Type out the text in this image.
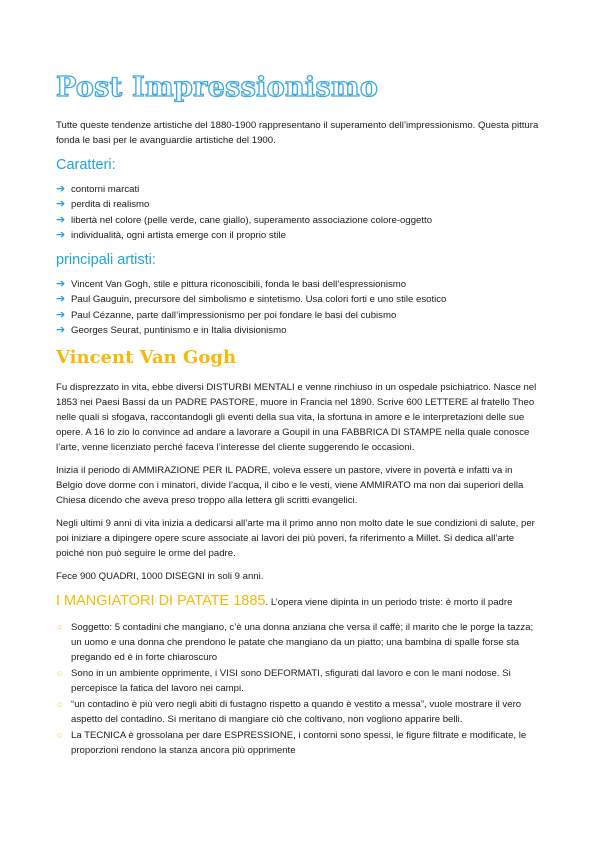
Post Impressionismo

Tutte queste tendenze artistiche del 1880-1900 rappresentano il superamento dell’impressionismo. Questa pittura fonda le basi per le avanguardie artistiche del 1900.

Caratteri:
➔ contorni marcati
➔ perdita di realismo
➔ libertà nel colore (pelle verde, cane giallo), superamento associazione colore-oggetto
➔ individualità, ogni artista emerge con il proprio stile
principali artisti:
➔ Vincent Van Gogh, stile e pittura riconoscibili, fonda le basi dell’espressionismo
➔ Paul Gauguin, precursore del simbolismo e sintetismo. Usa colori forti e uno stile esotico
➔ Paul Cézanne, parte dall’impressionismo per poi fondare le basi del cubismo
➔ Georges Seurat, puntinismo e in Italia divisionismo
Vincent Van Gogh

Fu disprezzato in vita, ebbe diversi DISTURBI MENTALI e venne rinchiuso in un ospedale psichiatrico. Nasce nel 1853 nei Paesi Bassi da un PADRE PASTORE, muore in Francia nel 1890. Scrive 600 LETTERE al fratello Theo nelle quali si sfogava, raccontandogli gli eventi della sua vita, la sfortuna in amore e le interpretazioni delle sue opere. A 16 lo zio lo convince ad andare a lavorare a Goupil in una FABBRICA DI STAMPE nella quale conosce l’arte, venne licenziato perché faceva l’interesse del cliente suggerendo le occasioni.

Inizia il periodo di AMMIRAZIONE PER IL PADRE, voleva essere un pastore, vivere in povertà e infatti va in Belgio dove dorme con i minatori, divide l’acqua, il cibo e le vesti, viene AMMIRATO ma non dai superiori della Chiesa dicendo che aveva preso troppo alla lettera gli scritti evangelici.

Negli ultimi 9 anni di vita inizia a dedicarsi all’arte ma il primo anno non molto date le sue condizioni di salute, per poi iniziare a dipingere opere scure associate ai lavori dei più poveri, fa riferimento a Millet. Si dedica all’arte poiché non può seguire le orme del padre.

Fece 900 QUADRI, 1000 DISEGNI in soli 9 anni.

I MANGIATORI DI PATATE 1885. L’opera viene dipinta in un periodo triste: è morto il padre
○ Soggetto: 5 contadini che mangiano, c’è una donna anziana che versa il caffè; il marito che le porge la tazza; un uomo e una donna che prendono le patate che mangiano da un piatto; una bambina di spalle forse sta pregando ed è in forte chiaroscuro
○ Sono in un ambiente opprimente, i VISI sono DEFORMATI, sfigurati dal lavoro e con le mani nodose. Si percepisce la fatica del lavoro nei campi.
○ “un contadino è più vero negli abiti di fustagno rispetto a quando è vestito a messa”, vuole mostrare il vero aspetto del contadino. Si meritano di mangiare ciò che coltivano, non vogliono apparire belli.
○ La TECNICA è grossolana per dare ESPRESSIONE, i contorni sono spessi, le figure filtrate e modificate, le proporzioni rendono la stanza ancora più opprimente
